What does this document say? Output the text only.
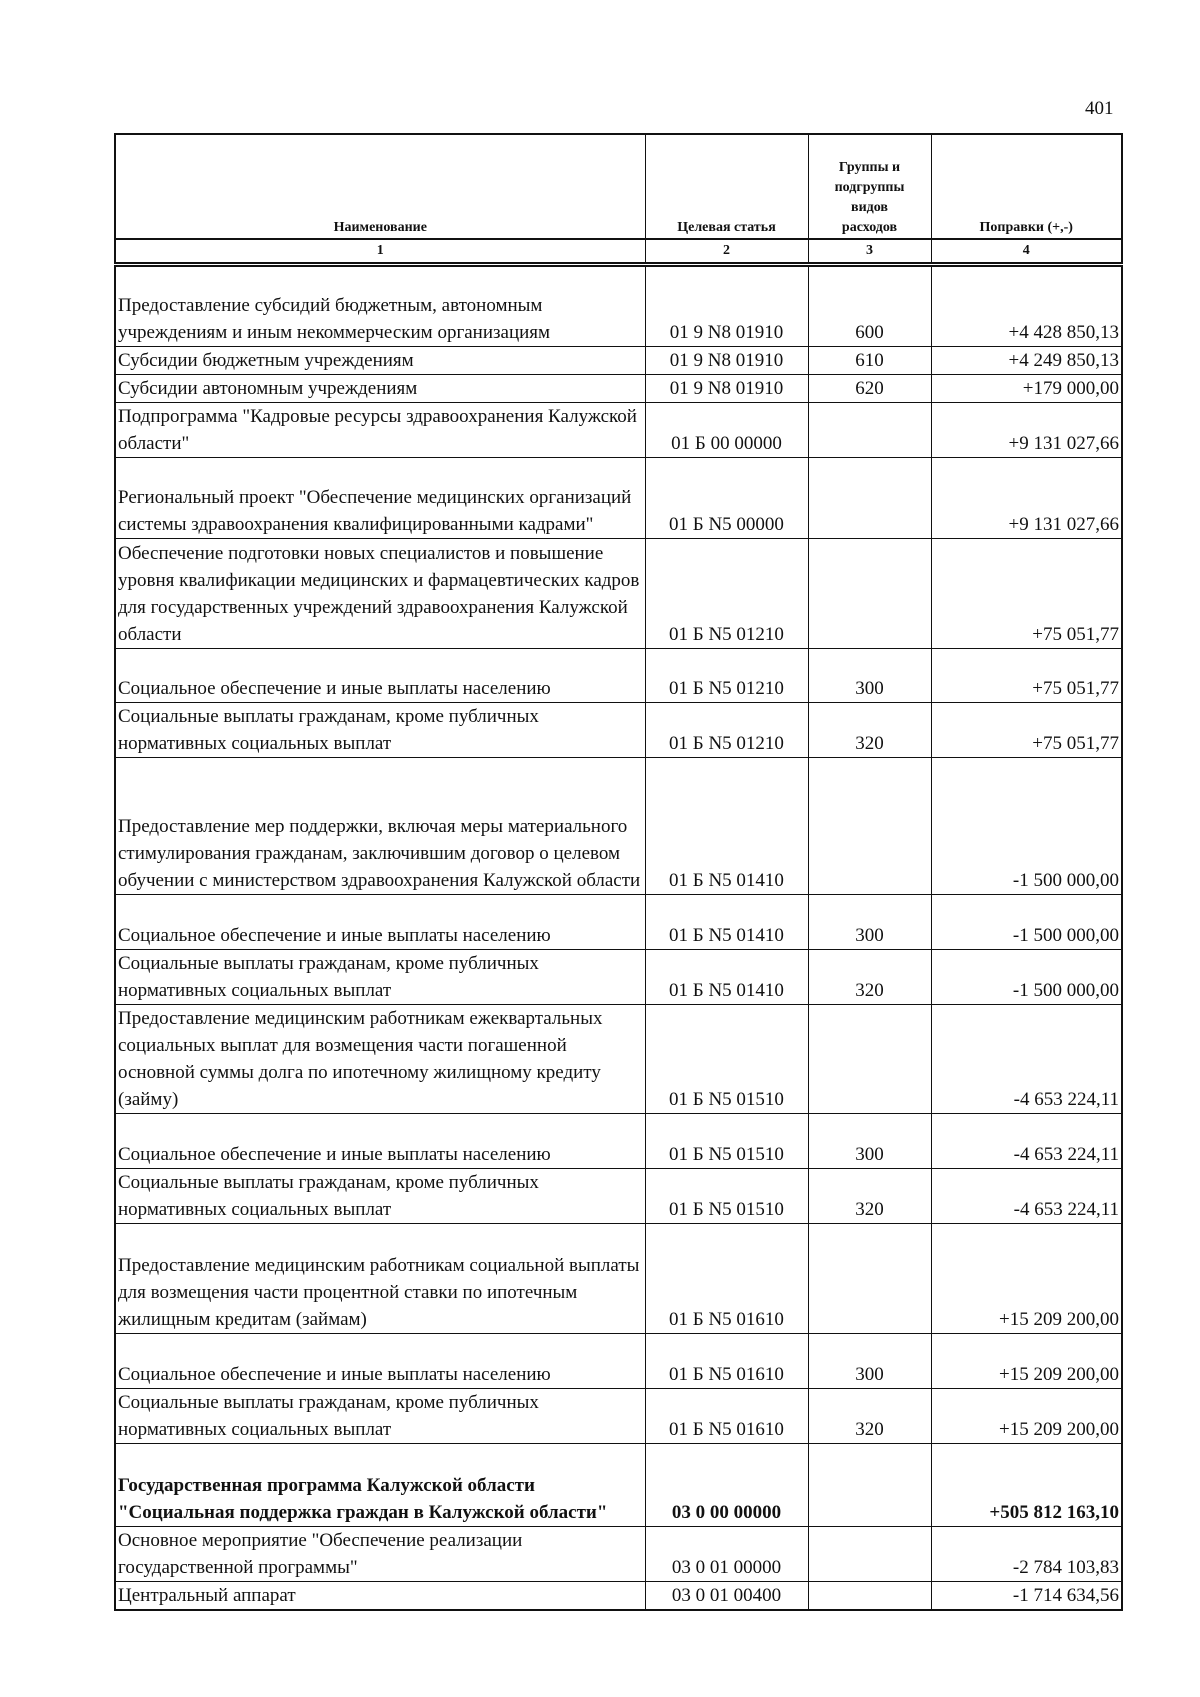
401
Наименование	Целевая статья	Группы и подгруппы видов расходов	Поправки (+,-)
1	2	3	4
Предоставление субсидий бюджетным, автономным учреждениям и иным некоммерческим организациям	01 9 N8 01910	600	+4 428 850,13
Субсидии бюджетным учреждениям	01 9 N8 01910	610	+4 249 850,13
Субсидии автономным учреждениям	01 9 N8 01910	620	+179 000,00
Подпрограмма "Кадровые ресурсы здравоохранения Калужской области"	01 Б 00 00000		+9 131 027,66
Региональный проект "Обеспечение медицинских организаций системы здравоохранения квалифицированными кадрами"	01 Б N5 00000		+9 131 027,66
Обеспечение подготовки новых специалистов и повышение уровня квалификации медицинских и фармацевтических кадров для государственных учреждений здравоохранения Калужской области	01 Б N5 01210		+75 051,77
Социальное обеспечение и иные выплаты населению	01 Б N5 01210	300	+75 051,77
Социальные выплаты гражданам, кроме публичных нормативных социальных выплат	01 Б N5 01210	320	+75 051,77
Предоставление мер поддержки, включая меры материального стимулирования гражданам, заключившим договор о целевом обучении с министерством здравоохранения Калужской области	01 Б N5 01410		-1 500 000,00
Социальное обеспечение и иные выплаты населению	01 Б N5 01410	300	-1 500 000,00
Социальные выплаты гражданам, кроме публичных нормативных социальных выплат	01 Б N5 01410	320	-1 500 000,00
Предоставление медицинским работникам ежеквартальных социальных выплат для возмещения части погашенной основной суммы долга по ипотечному жилищному кредиту (займу)	01 Б N5 01510		-4 653 224,11
Социальное обеспечение и иные выплаты населению	01 Б N5 01510	300	-4 653 224,11
Социальные выплаты гражданам, кроме публичных нормативных социальных выплат	01 Б N5 01510	320	-4 653 224,11
Предоставление медицинским работникам социальной выплаты для возмещения части процентной ставки по ипотечным жилищным кредитам (займам)	01 Б N5 01610		+15 209 200,00
Социальное обеспечение и иные выплаты населению	01 Б N5 01610	300	+15 209 200,00
Социальные выплаты гражданам, кроме публичных нормативных социальных выплат	01 Б N5 01610	320	+15 209 200,00
Государственная программа Калужской области "Социальная поддержка граждан в Калужской области"	03 0 00 00000		+505 812 163,10
Основное мероприятие "Обеспечение реализации государственной программы"	03 0 01 00000		-2 784 103,83
Центральный аппарат	03 0 01 00400		-1 714 634,56
